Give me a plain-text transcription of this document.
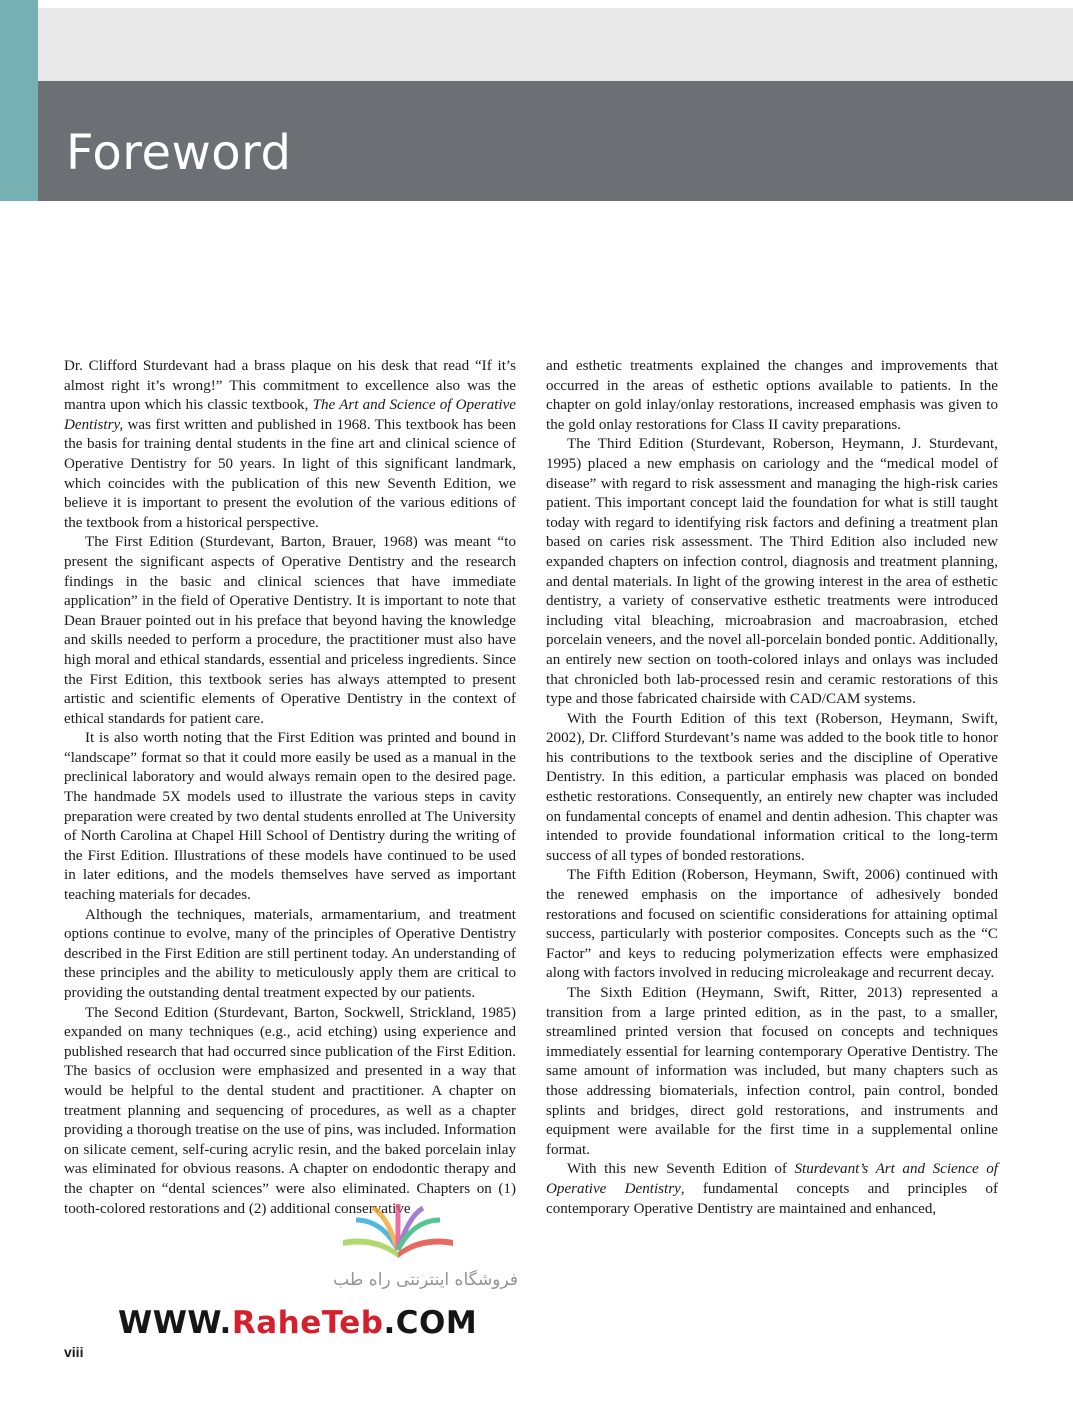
Foreword

Dr. Clifford Sturdevant had a brass plaque on his desk that read “If it’s almost right it’s wrong!” This commitment to excellence also was the mantra upon which his classic textbook, The Art and Science of Operative Dentistry, was first written and published in 1968. This textbook has been the basis for training dental students in the fine art and clinical science of Operative Dentistry for 50 years. In light of this significant landmark, which coincides with the publication of this new Seventh Edition, we believe it is important to present the evolution of the various editions of the textbook from a historical perspective.

The First Edition (Sturdevant, Barton, Brauer, 1968) was meant “to present the significant aspects of Operative Dentistry and the research findings in the basic and clinical sciences that have immediate application” in the field of Operative Dentistry. It is important to note that Dean Brauer pointed out in his preface that beyond having the knowledge and skills needed to perform a procedure, the practitioner must also have high moral and ethical standards, essential and priceless ingredients. Since the First Edition, this textbook series has always attempted to present artistic and scientific elements of Operative Dentistry in the context of ethical standards for patient care.

It is also worth noting that the First Edition was printed and bound in “landscape” format so that it could more easily be used as a manual in the preclinical laboratory and would always remain open to the desired page. The handmade 5X models used to illustrate the various steps in cavity preparation were created by two dental students enrolled at The University of North Carolina at Chapel Hill School of Dentistry during the writing of the First Edition. Illustrations of these models have continued to be used in later editions, and the models themselves have served as important teaching materials for decades.

Although the techniques, materials, armamentarium, and treatment options continue to evolve, many of the principles of Operative Dentistry described in the First Edition are still pertinent today. An understanding of these principles and the ability to meticulously apply them are critical to providing the outstanding dental treatment expected by our patients.

The Second Edition (Sturdevant, Barton, Sockwell, Strickland, 1985) expanded on many techniques (e.g., acid etching) using experience and published research that had occurred since publication of the First Edition. The basics of occlusion were emphasized and presented in a way that would be helpful to the dental student and practitioner. A chapter on treatment planning and sequencing of procedures, as well as a chapter providing a thorough treatise on the use of pins, was included. Information on silicate cement, self-curing acrylic resin, and the baked porcelain inlay was eliminated for obvious reasons. A chapter on endodontic therapy and the chapter on “dental sciences” were also eliminated. Chapters on (1) tooth-colored restorations and (2) additional conservative

and esthetic treatments explained the changes and improvements that occurred in the areas of esthetic options available to patients. In the chapter on gold inlay/onlay restorations, increased emphasis was given to the gold onlay restorations for Class II cavity preparations.

The Third Edition (Sturdevant, Roberson, Heymann, J. Sturdevant, 1995) placed a new emphasis on cariology and the “medical model of disease” with regard to risk assessment and managing the high-risk caries patient. This important concept laid the foundation for what is still taught today with regard to identifying risk factors and defining a treatment plan based on caries risk assessment. The Third Edition also included new expanded chapters on infection control, diagnosis and treatment planning, and dental materials. In light of the growing interest in the area of esthetic dentistry, a variety of conservative esthetic treatments were introduced including vital bleaching, microabrasion and macroabrasion, etched porcelain veneers, and the novel all-porcelain bonded pontic. Additionally, an entirely new section on tooth-colored inlays and onlays was included that chronicled both lab-processed resin and ceramic restorations of this type and those fabricated chairside with CAD/CAM systems.

With the Fourth Edition of this text (Roberson, Heymann, Swift, 2002), Dr. Clifford Sturdevant’s name was added to the book title to honor his contributions to the textbook series and the discipline of Operative Dentistry. In this edition, a particular emphasis was placed on bonded esthetic restorations. Consequently, an entirely new chapter was included on fundamental concepts of enamel and dentin adhesion. This chapter was intended to provide foundational information critical to the long-term success of all types of bonded restorations.

The Fifth Edition (Roberson, Heymann, Swift, 2006) continued with the renewed emphasis on the importance of adhesively bonded restorations and focused on scientific considerations for attaining optimal success, particularly with posterior composites. Concepts such as the “C Factor” and keys to reducing polymerization effects were emphasized along with factors involved in reducing microleakage and recurrent decay.

The Sixth Edition (Heymann, Swift, Ritter, 2013) represented a transition from a large printed edition, as in the past, to a smaller, streamlined printed version that focused on concepts and techniques immediately essential for learning contemporary Operative Dentistry. The same amount of information was included, but many chapters such as those addressing biomaterials, infection control, pain control, bonded splints and bridges, direct gold restorations, and instruments and equipment were available for the first time in a supplemental online format.

With this new Seventh Edition of Sturdevant’s Art and Science of Operative Dentistry, fundamental concepts and principles of contemporary Operative Dentistry are maintained and enhanced,

viii
فروشگاه اینترنتی راه طب
WWW.RaheTeb.COM
